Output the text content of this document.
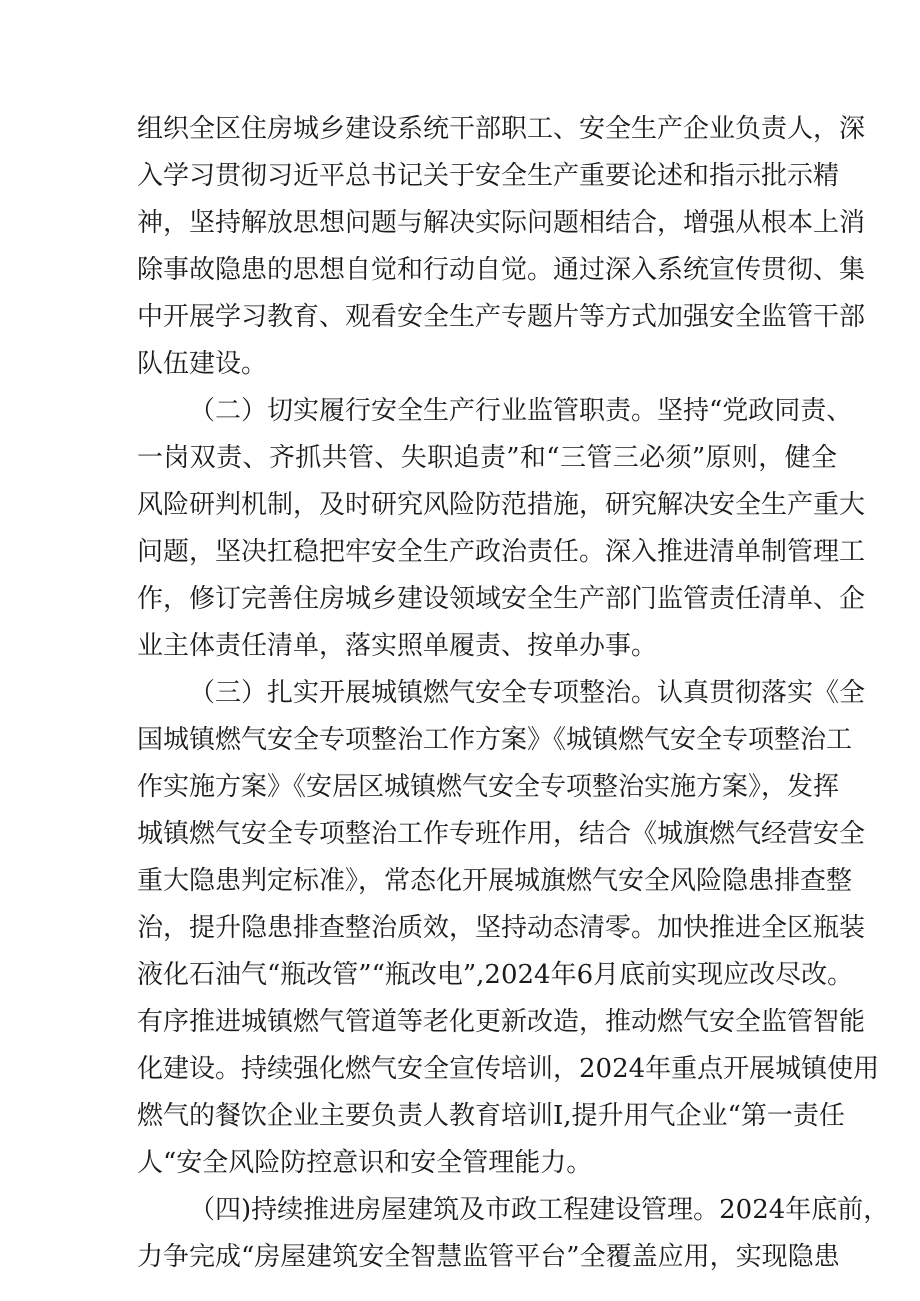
组织全区住房城乡建设系统干部职工、安全生产企业负责人，深
入学习贯彻习近平总书记关于安全生产重要论述和指示批示精
神，坚持解放思想问题与解决实际问题相结合，增强从根本上消
除事故隐患的思想自觉和行动自觉。通过深入系统宣传贯彻、集
中开展学习教育、观看安全生产专题片等方式加强安全监管干部
队伍建设。
（二）切实履行安全生产行业监管职责。坚持“党政同责、
一岗双责、齐抓共管、失职追责”和“三管三必须”原则，健全
风险研判机制，及时研究风险防范措施，研究解决安全生产重大
问题，坚决扛稳把牢安全生产政治责任。深入推进清单制管理工
作，修订完善住房城乡建设领域安全生产部门监管责任清单、企
业主体责任清单，落实照单履责、按单办事。
（三）扎实开展城镇燃气安全专项整治。认真贯彻落实《全
国城镇燃气安全专项整治工作方案》《城镇燃气安全专项整治工
作实施方案》《安居区城镇燃气安全专项整治实施方案》，发挥
城镇燃气安全专项整治工作专班作用，结合《城旗燃气经营安全
重大隐患判定标准》，常态化开展城旗燃气安全风险隐患排查整
治，提升隐患排查整治质效，坚持动态清零。加快推进全区瓶装
液化石油气“瓶改管”“瓶改电”,2024年6月底前实现应改尽改。
有序推进城镇燃气管道等老化更新改造，推动燃气安全监管智能
化建设。持续强化燃气安全宣传培训，2024年重点开展城镇使用
燃气的餐饮企业主要负责人教育培训I,提升用气企业“第一责任
人“安全风险防控意识和安全管理能力。
（四)持续推进房屋建筑及市政工程建设管理。2024年底前，
力争完成“房屋建筑安全智慧监管平台”全覆盖应用，实现隐患
